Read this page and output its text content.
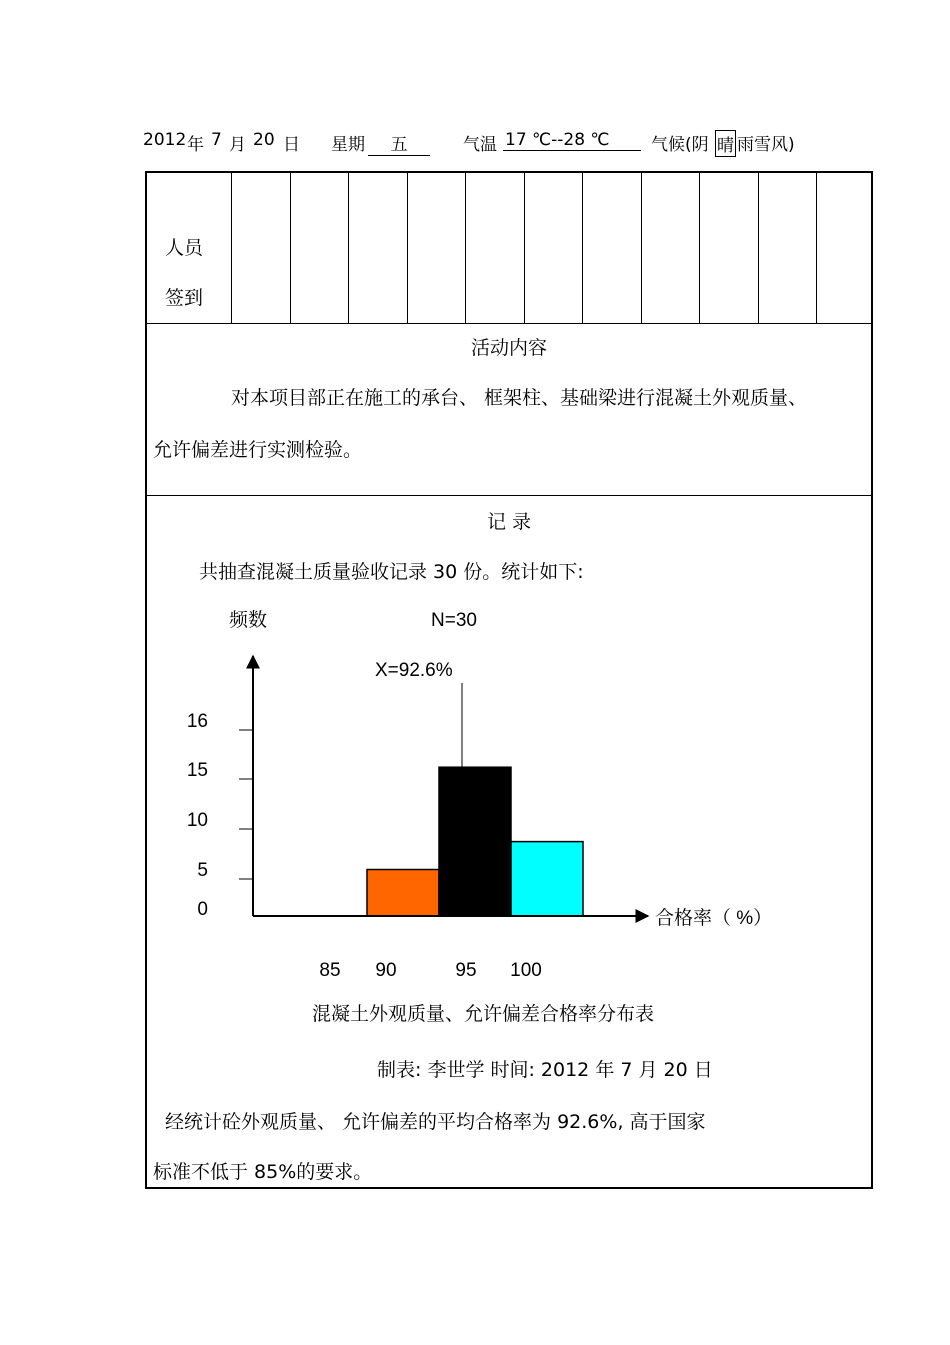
2012 年 7 月 20 日 星期	五	气温 17 ℃--28 ℃	气候(阴 晴 雨雪风)
人员
签到
活动内容
对本项目部正在施工的承台、 框架柱、基础梁进行混凝土外观质量、
允许偏差进行实测检验。
记 录
共抽查混凝土质量验收记录 30 份。统计如下:
混凝土外观质量、允许偏差合格率分布表
制表: 李世学 时间: 2012 年 7 月 20 日
经统计砼外观质量、 允许偏差的平均合格率为 92.6%, 高于国家
标准不低于 85%的要求。
16
15
10
5
0
85 90	95 100
频数	N=30
X=92.6%
合格率（ %）
